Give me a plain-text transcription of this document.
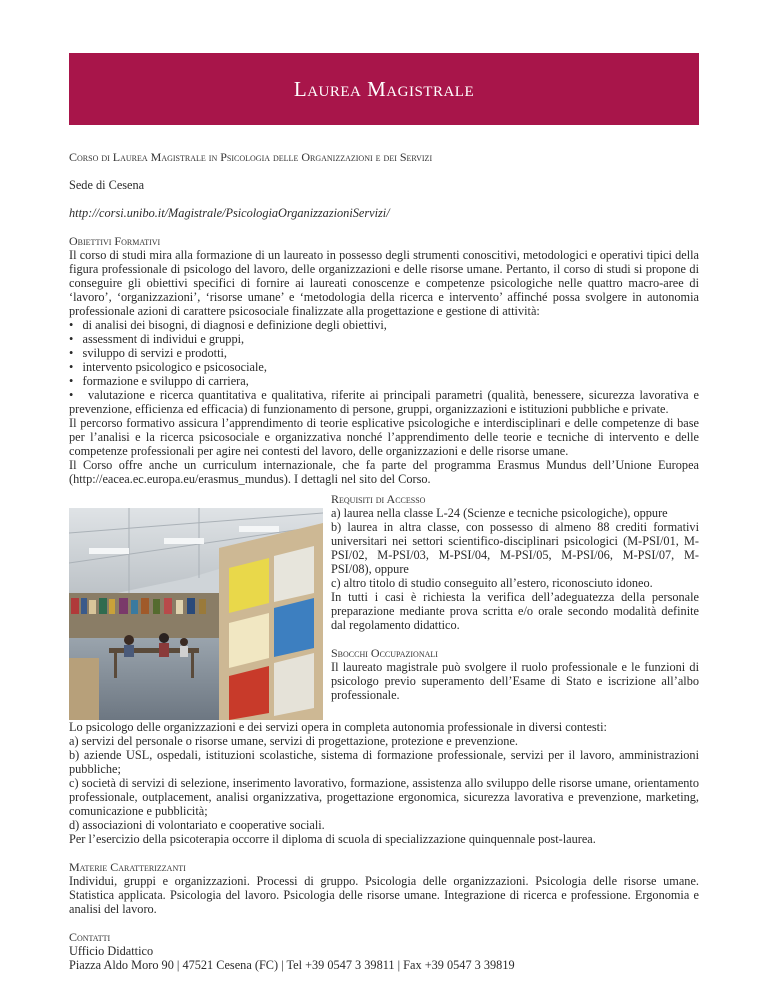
Laurea Magistrale

Corso di Laurea Magistrale in Psicologia delle Organizzazioni e dei Servizi

Sede di Cesena

http://corsi.unibo.it/Magistrale/PsicologiaOrganizzazioniServizi/

Obiettivi Formativi

Il corso di studi mira alla formazione di un laureato in possesso degli strumenti conoscitivi, metodologici e operativi tipici della figura professionale di psicologo del lavoro, delle organizzazioni e delle risorse umane. Pertanto, il corso di studi si propone di conseguire gli obiettivi specifici di fornire ai laureati conoscenze e competenze psicologiche nelle quattro macro-aree di ‘lavoro’, ‘organizzazioni’, ‘risorse umane’ e ‘metodologia della ricerca e intervento’ affinché possa svolgere in autonomia professionale azioni di carattere psicosociale finalizzate alla progettazione e gestione di attività:

•   di analisi dei bisogni, di diagnosi e definizione degli obiettivi,
•   assessment di individui e gruppi,
•   sviluppo di servizi e prodotti,
•   intervento psicologico e psicosociale,
•   formazione e sviluppo di carriera,
•   valutazione e ricerca quantitativa e qualitativa, riferite ai principali parametri (qualità, benessere, sicurezza lavorativa e prevenzione, efficienza ed efficacia) di funzionamento di persone, gruppi, organizzazioni e istituzioni pubbliche e private.

Il percorso formativo assicura l’apprendimento di teorie esplicative psicologiche e interdisciplinari e delle competenze di base per l’analisi e la ricerca psicosociale e organizzativa nonché l’apprendimento delle teorie e tecniche di intervento e delle competenze professionali per agire nei contesti del lavoro, delle organizzazioni e delle risorse umane.

Il Corso offre anche un curriculum internazionale, che fa parte del programma Erasmus Mundus dell’Unione Europea (http://eacea.ec.europa.eu/erasmus_mundus). I dettagli nel sito del Corso.

Requisiti di Accesso

a) laurea nella classe L-24 (Scienze e tecniche psicologiche), oppure

b) laurea in altra classe, con possesso di almeno 88 crediti formativi universitari nei settori scientifico-disciplinari psicologici (M-PSI/01, M-PSI/02, M-PSI/03, M-PSI/04, M-PSI/05, M-PSI/06, M-PSI/07, M-PSI/08), oppure

c) altro titolo di studio conseguito all’estero, riconosciuto idoneo.

In tutti i casi è richiesta la verifica dell’adeguatezza della personale preparazione mediante prova scritta e/o orale secondo modalità definite dal regolamento didattico.

Sbocchi Occupazionali

Il laureato magistrale può svolgere il ruolo professionale e le funzioni di psicologo previo superamento dell’Esame di Stato e iscrizione all’albo professionale.

Lo psicologo delle organizzazioni e dei servizi opera in completa autonomia professionale in diversi contesti:

a) servizi del personale o risorse umane, servizi di progettazione, protezione e prevenzione.

b) aziende USL, ospedali, istituzioni scolastiche, sistema di formazione professionale, servizi per il lavoro, amministrazioni pubbliche;

c) società di servizi di selezione, inserimento lavorativo, formazione, assistenza allo sviluppo delle risorse umane, orientamento professionale, outplacement, analisi organizzativa, progettazione ergonomica, sicurezza lavorativa e prevenzione, marketing, comunicazione e pubblicità;

d) associazioni di volontariato e cooperative sociali.

Per l’esercizio della psicoterapia occorre il diploma di scuola di specializzazione quinquennale post-laurea.

Materie Caratterizzanti

Individui, gruppi e organizzazioni. Processi di gruppo. Psicologia delle organizzazioni. Psicologia delle risorse umane. Statistica applicata. Psicologia del lavoro. Psicologia delle risorse umane. Integrazione di ricerca e professione. Ergonomia e analisi del lavoro.

Contatti

Ufficio Didattico

Piazza Aldo Moro 90 | 47521 Cesena (FC) | Tel +39 0547 3 39811 | Fax +39 0547 3 39819
